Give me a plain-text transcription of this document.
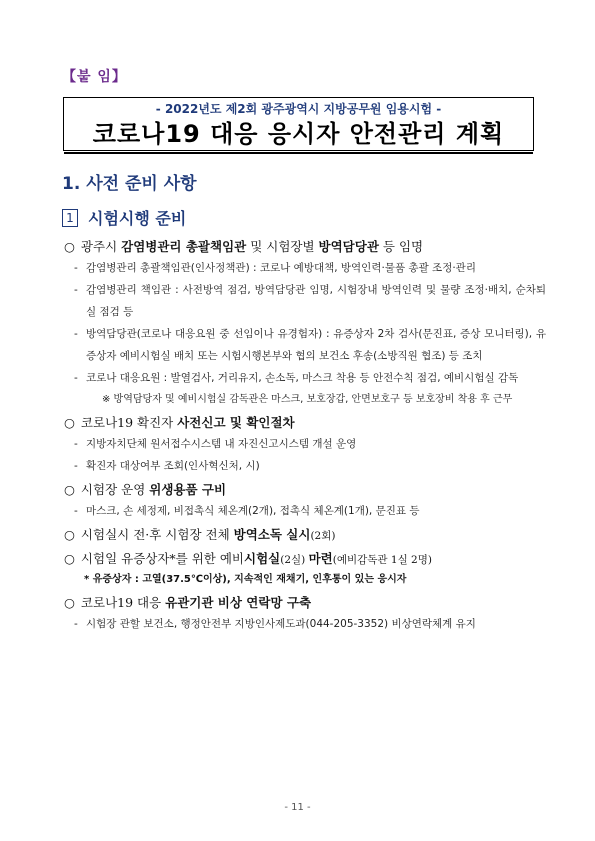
【붙 임】
- 2022년도 제2회 광주광역시 지방공무원 임용시험 -
코로나19 대응 응시자 안전관리 계획
1. 사전 준비 사항
1 시험시행 준비
○ 광주시 감염병관리 총괄책임관 및 시험장별 방역담당관 등 임명
- 감염병관리 총괄책임관(인사정책관) : 코로나 예방대책, 방역인력·물품 총괄 조정·관리
- 감염병관리 책임관 : 사전방역 점검, 방역담당관 임명, 시험장내 방역인력 및 물량 조정·배치, 순차퇴실 점검 등
- 방역담당관(코로나 대응요원 중 선임이나 유경험자) : 유증상자 2차 검사(문진표, 증상 모니터링), 유증상자 예비시험실 배치 또는 시험시행본부와 협의 보건소 후송(소방직원 협조) 등 조치
- 코로나 대응요원 : 발열검사, 거리유지, 손소독, 마스크 착용 등 안전수칙 점검, 예비시험실 감독
※ 방역담당자 및 예비시험실 감독관은 마스크, 보호장갑, 안면보호구 등 보호장비 착용 후 근무
○ 코로나19 확진자 사전신고 및 확인절차
- 지방자치단체 원서접수시스템 내 자진신고시스템 개설 운영
- 확진자 대상여부 조회(인사혁신처, 시)
○ 시험장 운영 위생용품 구비
- 마스크, 손 세정제, 비접촉식 체온계(2개), 접촉식 체온계(1개), 문진표 등
○ 시험실시 전·후 시험장 전체 방역소독 실시(2회)
○ 시험일 유증상자*를 위한 예비시험실(2실) 마련(예비감독관 1실 2명)
* 유증상자 : 고열(37.5℃이상), 지속적인 재채기, 인후통이 있는 응시자
○ 코로나19 대응 유관기관 비상 연락망 구축
- 시험장 관할 보건소, 행정안전부 지방인사제도과(044-205-3352) 비상연락체계 유지
- 11 -
